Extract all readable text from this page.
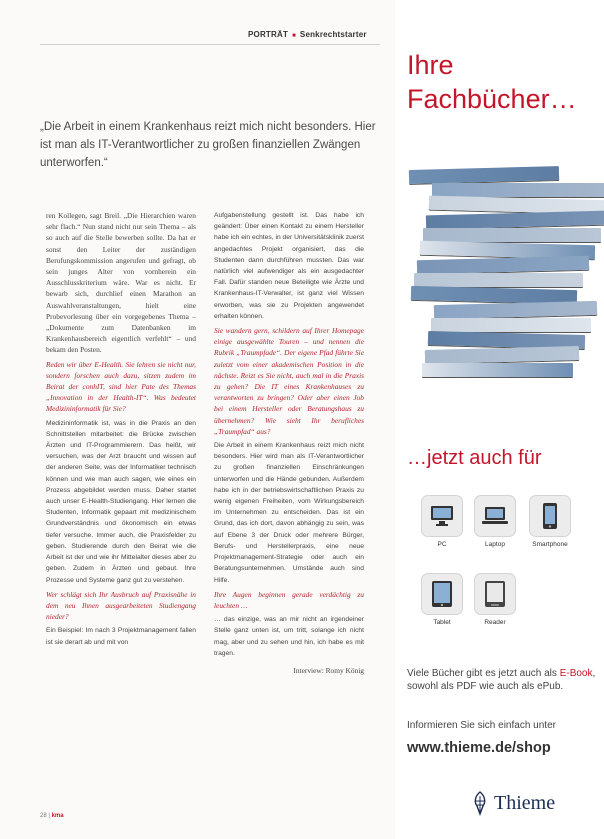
PORTRÄT ■ Senkrechtstarter
„Die Arbeit in einem Krankenhaus reizt mich nicht besonders. Hier ist man als IT-Verantwortlicher zu großen finanziellen Zwängen unterworfen.“

ren Kollegen, sagt Breil. „Die Hierarchien waren sehr flach.“ Nun stand nicht nur sein Thema – als so auch auf die Stelle bewerben sollte. Da hat er sonst den Leiter der zuständigen Berufungskommission angerufen und gefragt, ob sein junges Alter von vornherein ein Ausschlusskriterium wäre. War es nicht. Er bewarb sich, durchlief einen Marathon an Auswahlveranstaltungen, hielt eine Probevorlesung über ein vorgegebenes Thema – „Dokumente zum Datenbanken im Krankenhausbereich eigentlich verfehlt“ – und bekam den Posten.

Reden wir über E-Health. Sie lehren sie nicht nur, sondern forschen auch dazu, sitzen zudem im Beirat der conhIT, sind hier Pate des Themas „Innovation in der Health-IT“. Was bedeutet Medizininformatik für Sie?

Medizininformatik ist, was in die Praxis an den Schnittstellen mitarbeitet: die Brücke zwischen Ärzten und IT-Programmierern. Das heißt, wir versuchen, was der Arzt braucht und wissen auf der anderen Seite, was der Informatiker technisch können und wie man auch sagen, wie eines ein Prozess abgebildet werden muss. Daher startet auch unser E-Health-Studiengang. Hier lernen die Studenten, Informatik gepaart mit medizinischem Grundverständnis und ökonomisch ein etwas tiefer versuche. Immer auch, die Praxisfelder zu geben. Studierende durch den Beirat wie die Arbeit ist der und wie ihr Mittelalter dieses aber zu geben. Zudem in Ärzten und gebaut. Ihre Prozesse und Systeme ganz gut zu verstehen.

Wer schlägt sich Ihr Ausbruch auf Praxisnähe in dem neu Ihnen ausgearbeiteten Studiengang nieder?

Ein Beispiel: Im nach 3 Projektmanagement fallen ist sie derart ab und mit von

Aufgabenstellung gestellt ist. Das habe ich geändert: Über einen Kontakt zu einem Hersteller habe ich ein echtes, in der Universitätsklinik zuerst angedachtes Projekt organisiert, das die Studenten dann durchführen mussten. Das war natürlich viel aufwendiger als ein ausgedachter Fall. Dafür standen neue Beteiligte wie Ärzte und Krankenhaus-IT-Verwalter, ist ganz viel Wissen erworben, was sie zu Projekten angewendet erhalten können.

Sie wandern gern, schildern auf Ihrer Homepage einige ausgewählte Touren – und nennen die Rubrik „Traumpfade“. Der eigene Pfad führte Sie zuletzt vom einer akademischen Position in die nächste. Reizt es Sie nicht, auch mal in die Praxis zu gehen? Die IT eines Krankenhauses zu verantworten zu bringen? Oder aber einen Job bei einem Hersteller oder Beratungshaus zu übernehmen? Wie sieht Ihr berufliches „Traumpfad“ aus?

Die Arbeit in einem Krankenhaus reizt mich nicht besonders. Hier wird man als IT-Verantwortlicher zu großen finanziellen Einschränkungen unterworfen und die Hände gebunden. Außerdem habe ich in der betriebswirtschaftlichen Praxis zu wenig eigenen Freiheiten, vom Wirkungsbereich im Unternehmen zu entscheiden. Das ist ein Grund, das ich dort, davon abhängig zu sein, was auf Ebene 3 der Druck oder mehrere Bürger, Berufs- und Herstellerpraxis, eine neue Projektmanagement-Strategie oder auch ein Beratungsunternehmen. Umstände auch sind Hilfe.

Ihre Augen beginnen gerade verdächtig zu leuchten …

… das einzige, was an mir nicht an irgendeiner Stelle ganz unten ist, um tritt, solange ich nicht mag, aber und zu sehen und hin, ich habe es mit tragen.

Interview: Romy König

28 | kma
Ihre
Fachbücher…
…jetzt auch für
PC	Laptop	Smartphone
Tablet	Reader
Viele Bücher gibt es jetzt auch als E-Book, sowohl als PDF wie auch als ePub.
Informieren Sie sich einfach unter
www.thieme.de/shop
Thieme
